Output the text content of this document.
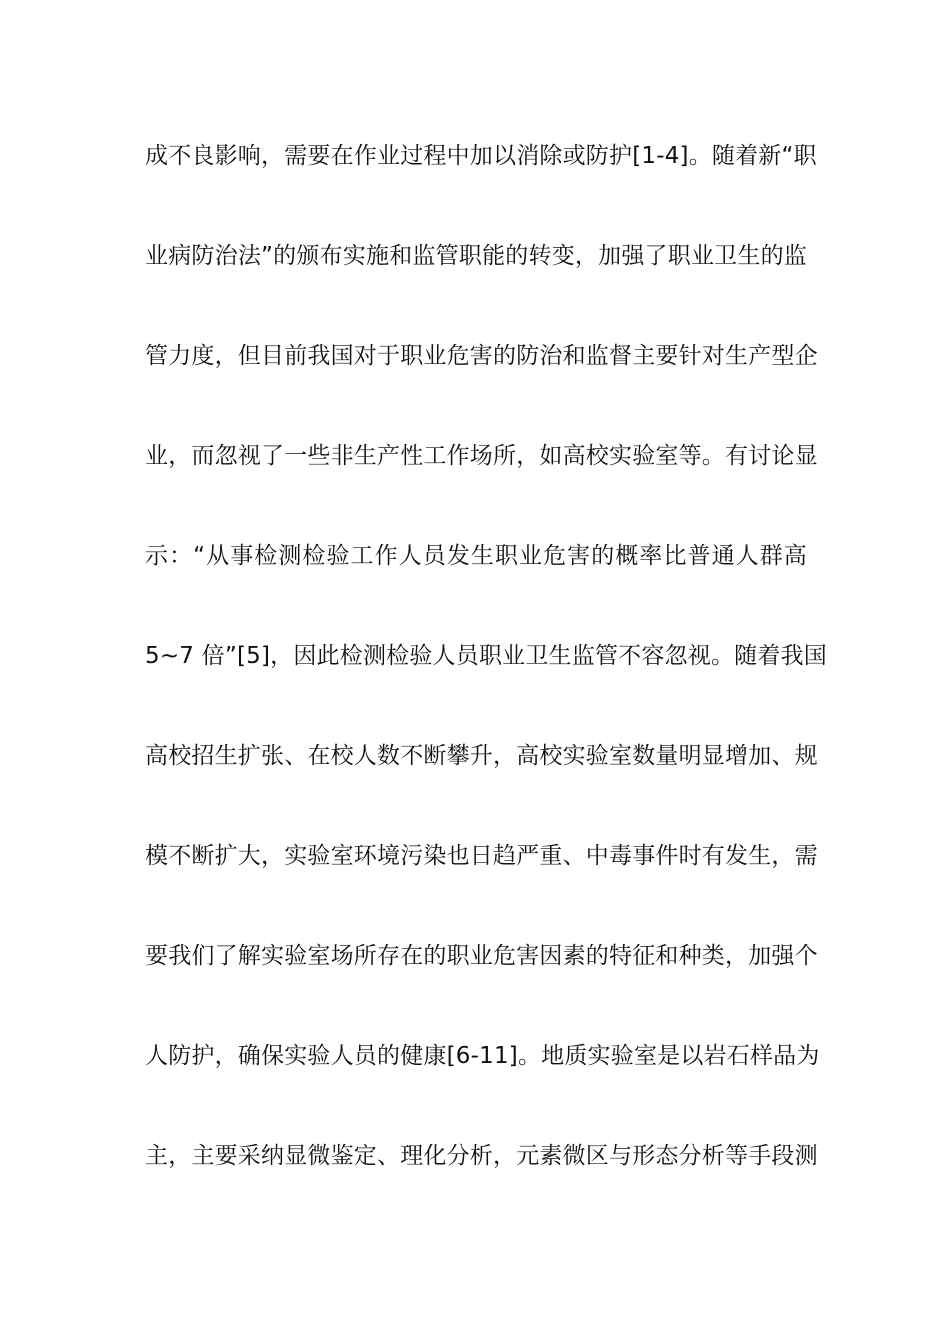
成不良影响，需要在作业过程中加以消除或防护[1-4]。随着新“职
业病防治法”的颁布实施和监管职能的转变，加强了职业卫生的监
管力度，但目前我国对于职业危害的防治和监督主要针对生产型企
业，而忽视了一些非生产性工作场所，如高校实验室等。有讨论显
示：“从事检测检验工作人员发生职业危害的概率比普通人群高
5~7 倍”[5]，因此检测检验人员职业卫生监管不容忽视。随着我国
高校招生扩张、在校人数不断攀升，高校实验室数量明显增加、规
模不断扩大，实验室环境污染也日趋严重、中毒事件时有发生，需
要我们了解实验室场所存在的职业危害因素的特征和种类，加强个
人防护，确保实验人员的健康[6-11]。地质实验室是以岩石样品为
主，主要采纳显微鉴定、理化分析，元素微区与形态分析等手段测
